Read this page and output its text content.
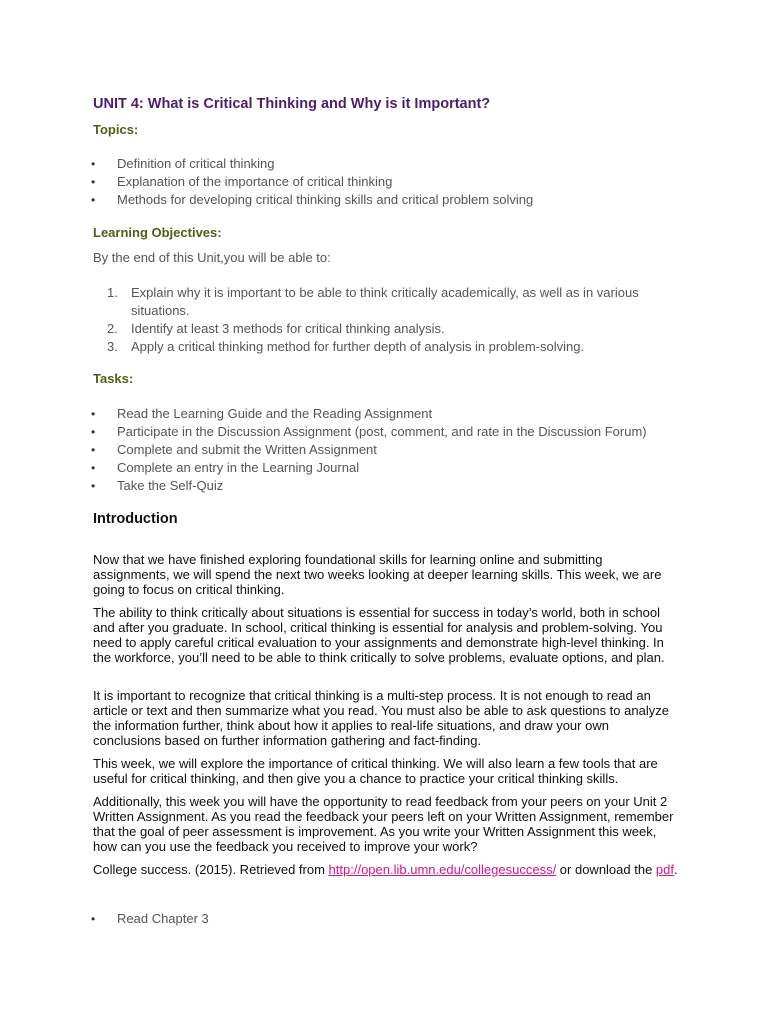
UNIT 4: What is Critical Thinking and Why is it Important?
Topics:
• Definition of critical thinking
• Explanation of the importance of critical thinking
• Methods for developing critical thinking skills and critical problem solving
Learning Objectives:
By the end of this Unit,you will be able to:
1. Explain why it is important to be able to think critically academically, as well as in various situations.
2. Identify at least 3 methods for critical thinking analysis.
3. Apply a critical thinking method for further depth of analysis in problem-solving.
Tasks:
• Read the Learning Guide and the Reading Assignment
• Participate in the Discussion Assignment (post, comment, and rate in the Discussion Forum)
• Complete and submit the Written Assignment
• Complete an entry in the Learning Journal
• Take the Self-Quiz
Introduction
Now that we have finished exploring foundational skills for learning online and submitting assignments, we will spend the next two weeks looking at deeper learning skills. This week, we are going to focus on critical thinking.
The ability to think critically about situations is essential for success in today’s world, both in school and after you graduate. In school, critical thinking is essential for analysis and problem-solving. You need to apply careful critical evaluation to your assignments and demonstrate high-level thinking. In the workforce, you’ll need to be able to think critically to solve problems, evaluate options, and plan.
It is important to recognize that critical thinking is a multi-step process. It is not enough to read an article or text and then summarize what you read. You must also be able to ask questions to analyze the information further, think about how it applies to real-life situations, and draw your own conclusions based on further information gathering and fact-finding.
This week, we will explore the importance of critical thinking. We will also learn a few tools that are useful for critical thinking, and then give you a chance to practice your critical thinking skills.
Additionally, this week you will have the opportunity to read feedback from your peers on your Unit 2 Written Assignment. As you read the feedback your peers left on your Written Assignment, remember that the goal of peer assessment is improvement. As you write your Written Assignment this week, how can you use the feedback you received to improve your work?
College success. (2015). Retrieved from http://open.lib.umn.edu/collegesuccess/ or download the pdf.
• Read Chapter 3
